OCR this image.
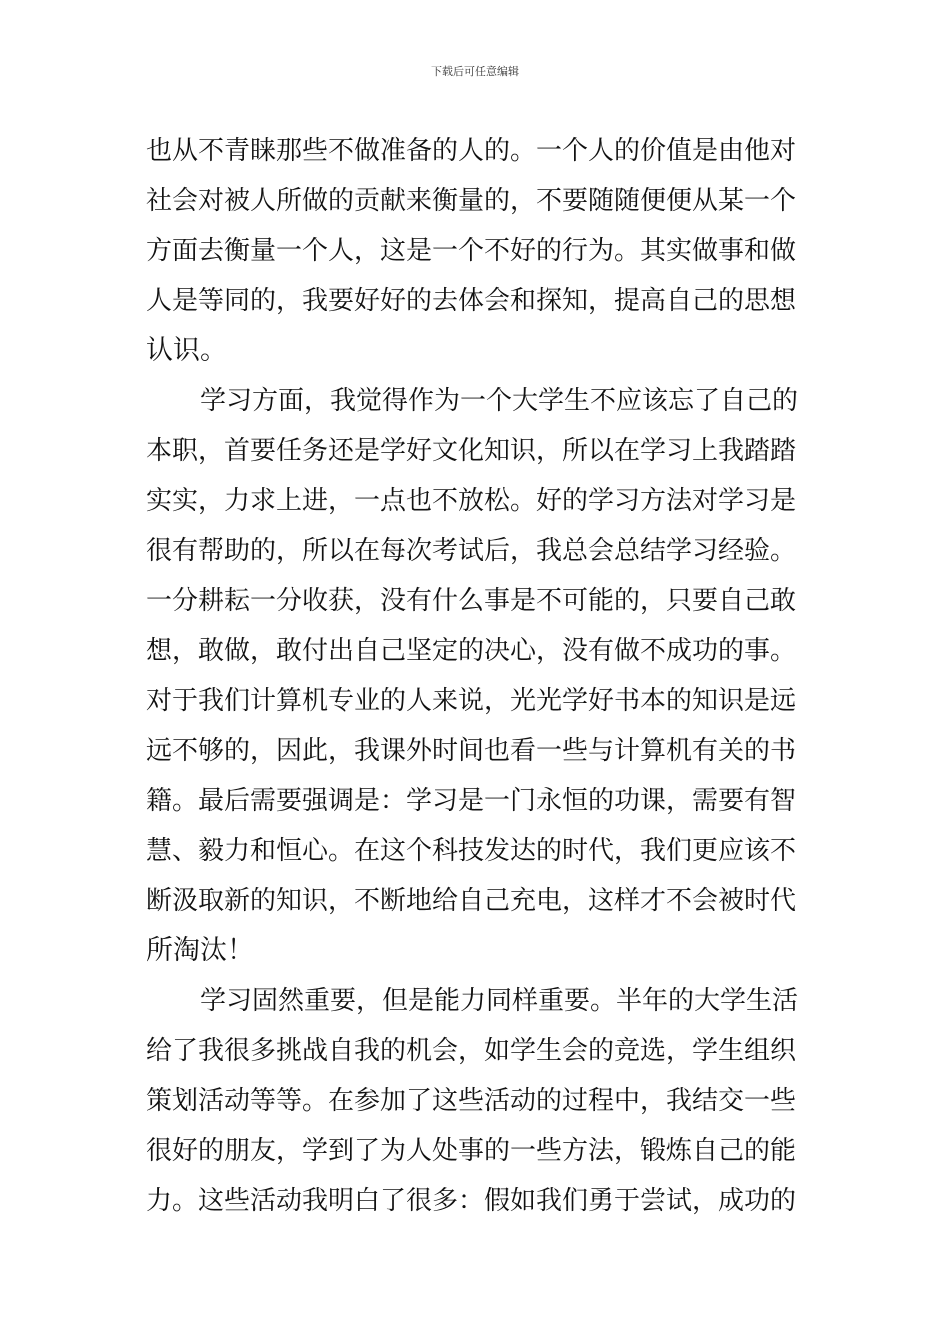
下载后可任意编辑
也从不青睐那些不做准备的人的。一个人的价值是由他对
社会对被人所做的贡献来衡量的，不要随随便便从某一个
方面去衡量一个人，这是一个不好的行为。其实做事和做
人是等同的，我要好好的去体会和探知，提高自己的思想
认识。
学习方面，我觉得作为一个大学生不应该忘了自己的
本职，首要任务还是学好文化知识，所以在学习上我踏踏
实实，力求上进，一点也不放松。好的学习方法对学习是
很有帮助的，所以在每次考试后，我总会总结学习经验。
一分耕耘一分收获，没有什么事是不可能的，只要自己敢
想，敢做，敢付出自己坚定的决心，没有做不成功的事。
对于我们计算机专业的人来说，光光学好书本的知识是远
远不够的，因此，我课外时间也看一些与计算机有关的书
籍。最后需要强调是：学习是一门永恒的功课，需要有智
慧、毅力和恒心。在这个科技发达的时代，我们更应该不
断汲取新的知识，不断地给自己充电，这样才不会被时代
所淘汰！
学习固然重要，但是能力同样重要。半年的大学生活
给了我很多挑战自我的机会，如学生会的竞选，学生组织
策划活动等等。在参加了这些活动的过程中，我结交一些
很好的朋友，学到了为人处事的一些方法，锻炼自己的能
力。这些活动我明白了很多：假如我们勇于尝试，成功的
